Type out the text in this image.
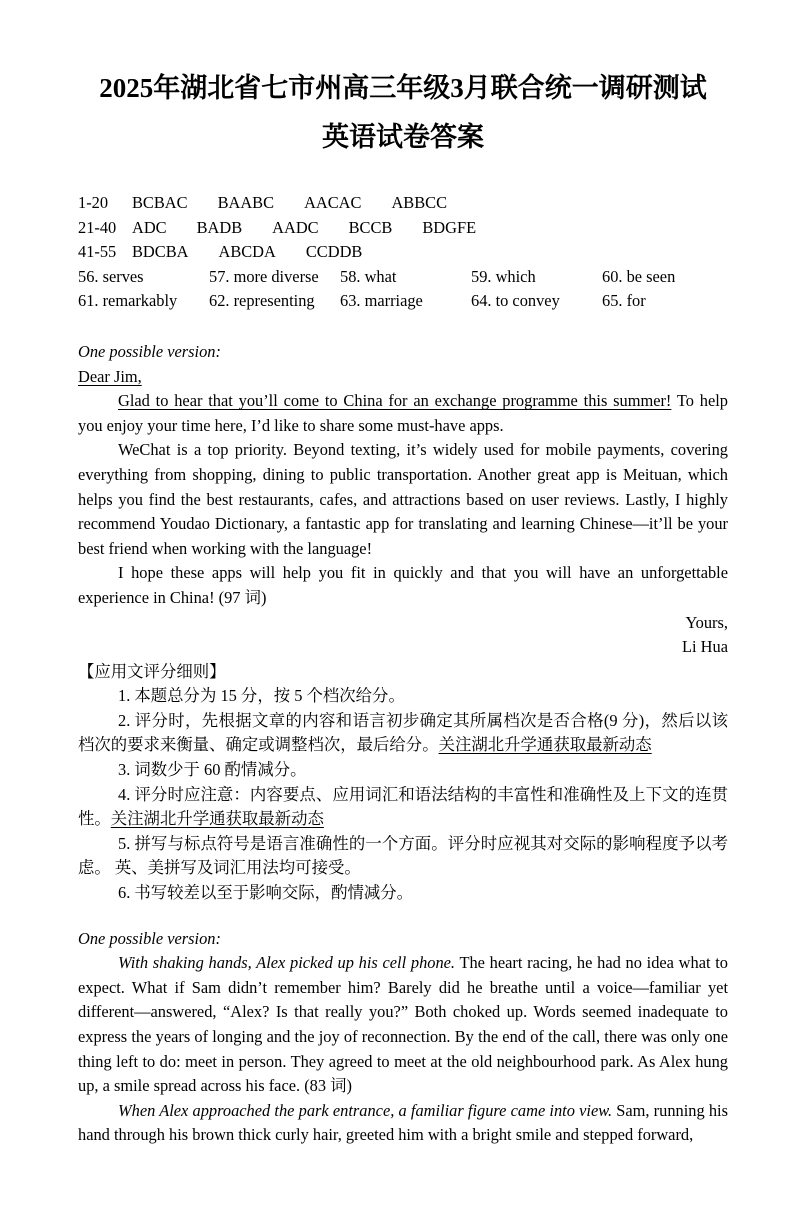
2025年湖北省七市州高三年级3月联合统一调研测试
英语试卷答案
1-20 BCBAC BAABC AACAC ABBCC
21-40 ADC BADB AADC BCCB BDGFE
41-55 BDCBA ABCDA CCDDB
56. serves	57. more diverse	58. what	59. which	60. be seen
61. remarkably	62. representing	63. marriage	64. to convey	65. for

One possible version:

Dear Jim,

Glad to hear that you’ll come to China for an exchange programme this summer! To help you enjoy your time here, I’d like to share some must-have apps.

WeChat is a top priority. Beyond texting, it’s widely used for mobile payments, covering everything from shopping, dining to public transportation. Another great app is Meituan, which helps you find the best restaurants, cafes, and attractions based on user reviews. Lastly, I highly recommend Youdao Dictionary, a fantastic app for translating and learning Chinese—it’ll be your best friend when working with the language!

I hope these apps will help you fit in quickly and that you will have an unforgettable experience in China! (97 词)

Yours,

Li Hua

【应用文评分细则】

1. 本题总分为 15 分，按 5 个档次给分。

2. 评分时，先根据文章的内容和语言初步确定其所属档次是否合格(9 分)，然后以该档次的要求来衡量、确定或调整档次，最后给分。关注湖北升学通获取最新动态

3. 词数少于 60 酌情减分。

4. 评分时应注意：内容要点、应用词汇和语法结构的丰富性和准确性及上下文的连贯性。关注湖北升学通获取最新动态

5. 拼写与标点符号是语言准确性的一个方面。评分时应视其对交际的影响程度予以考虑。 英、美拼写及词汇用法均可接受。

6. 书写较差以至于影响交际，酌情减分。

One possible version:

With shaking hands, Alex picked up his cell phone. The heart racing, he had no idea what to expect. What if Sam didn’t remember him? Barely did he breathe until a voice—familiar yet different—answered, “Alex? Is that really you?” Both choked up. Words seemed inadequate to express the years of longing and the joy of reconnection. By the end of the call, there was only one thing left to do: meet in person. They agreed to meet at the old neighbourhood park. As Alex hung up, a smile spread across his face. (83 词)

When Alex approached the park entrance, a familiar figure came into view. Sam, running his hand through his brown thick curly hair, greeted him with a bright smile and stepped forward,
